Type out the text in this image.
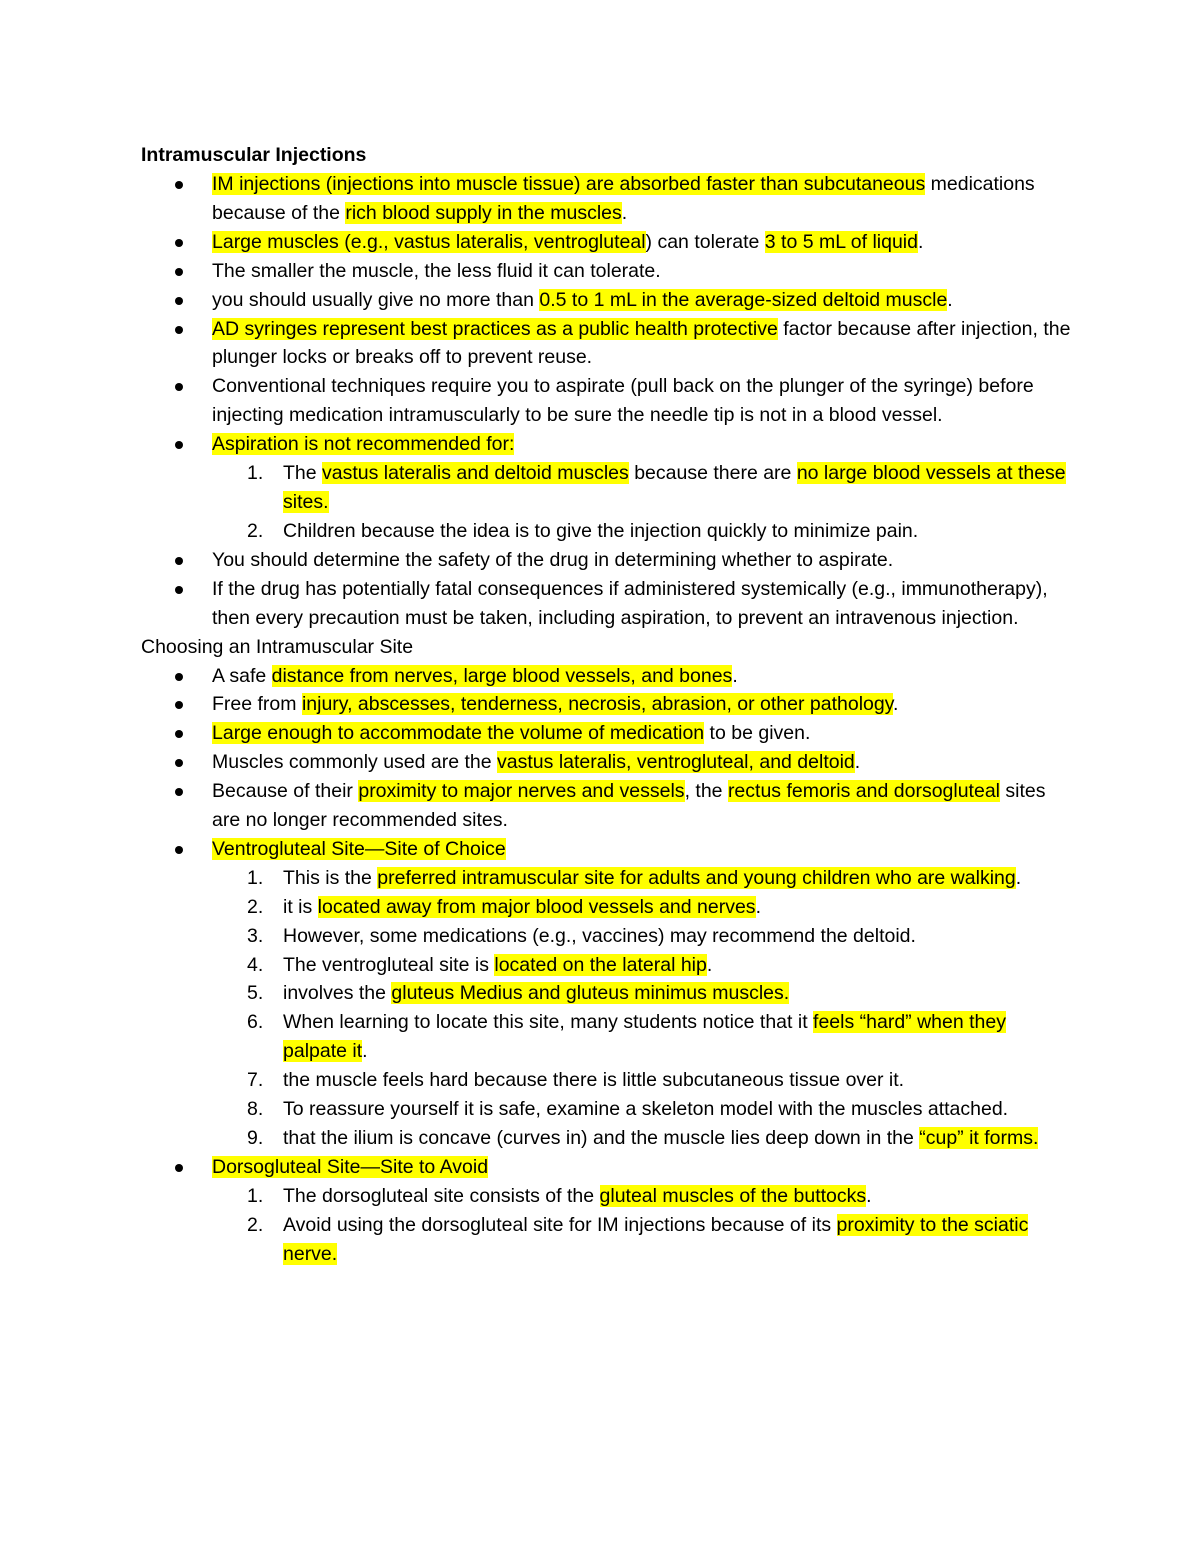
Intramuscular Injections
IM injections (injections into muscle tissue) are absorbed faster than subcutaneous medications because of the rich blood supply in the muscles.
Large muscles (e.g., vastus lateralis, ventrogluteal) can tolerate 3 to 5 mL of liquid.
The smaller the muscle, the less fluid it can tolerate.
you should usually give no more than 0.5 to 1 mL in the average-sized deltoid muscle.
AD syringes represent best practices as a public health protective factor because after injection, the plunger locks or breaks off to prevent reuse.
Conventional techniques require you to aspirate (pull back on the plunger of the syringe) before injecting medication intramuscularly to be sure the needle tip is not in a blood vessel.
Aspiration is not recommended for:
1.	The vastus lateralis and deltoid muscles because there are no large blood vessels at these sites.
2.	Children because the idea is to give the injection quickly to minimize pain.
You should determine the safety of the drug in determining whether to aspirate.
If the drug has potentially fatal consequences if administered systemically (e.g., immunotherapy), then every precaution must be taken, including aspiration, to prevent an intravenous injection.
Choosing an Intramuscular Site
A safe distance from nerves, large blood vessels, and bones.
Free from injury, abscesses, tenderness, necrosis, abrasion, or other pathology.
Large enough to accommodate the volume of medication to be given.
Muscles commonly used are the vastus lateralis, ventrogluteal, and deltoid.
Because of their proximity to major nerves and vessels, the rectus femoris and dorsogluteal sites are no longer recommended sites.
Ventrogluteal Site—Site of Choice
1.	This is the preferred intramuscular site for adults and young children who are walking.
2.	it is located away from major blood vessels and nerves.
3.	However, some medications (e.g., vaccines) may recommend the deltoid.
4.	The ventrogluteal site is located on the lateral hip.
5.	involves the gluteus Medius and gluteus minimus muscles.
6.	When learning to locate this site, many students notice that it feels “hard” when they palpate it.
7.	the muscle feels hard because there is little subcutaneous tissue over it.
8.	To reassure yourself it is safe, examine a skeleton model with the muscles attached.
9.	that the ilium is concave (curves in) and the muscle lies deep down in the “cup” it forms.
Dorsogluteal Site—Site to Avoid
1.	The dorsogluteal site consists of the gluteal muscles of the buttocks.
2.	Avoid using the dorsogluteal site for IM injections because of its proximity to the sciatic nerve.
